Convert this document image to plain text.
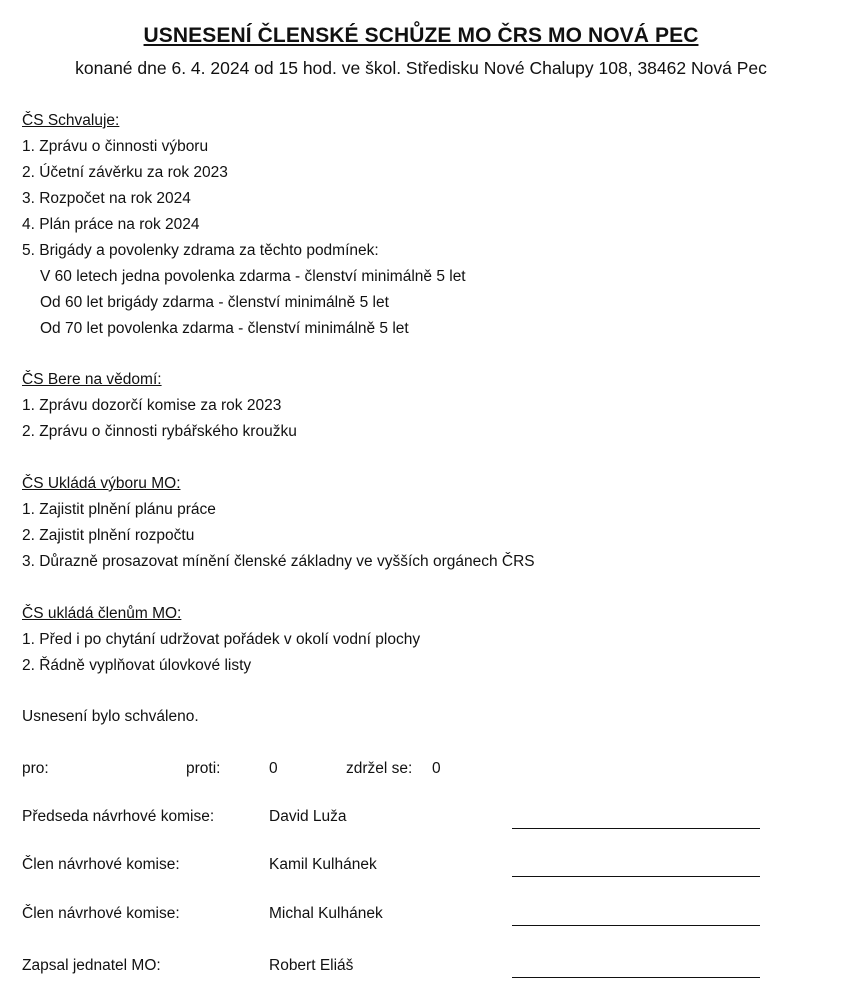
USNESENÍ ČLENSKÉ SCHŮZE MO ČRS MO NOVÁ PEC
konané dne 6. 4. 2024 od 15 hod. ve škol. Středisku Nové Chalupy 108, 38462 Nová Pec
ČS Schvaluje:
1. Zprávu o činnosti výboru
2. Účetní závěrku za rok 2023
3. Rozpočet na rok 2024
4. Plán práce na rok 2024
5. Brigády a povolenky zdrama za těchto podmínek:
V 60 letech jedna povolenka zdarma - členství minimálně 5 let
Od 60 let brigády zdarma - členství minimálně 5 let
Od 70 let povolenka zdarma - členství minimálně 5 let
ČS Bere na vědomí:
1. Zprávu dozorčí komise za rok 2023
2. Zprávu o činnosti rybářského kroužku
ČS Ukládá výboru MO:
1. Zajistit plnění plánu práce
2. Zajistit plnění rozpočtu
3. Důrazně prosazovat mínění členské základny ve vyšších orgánech ČRS
ČS ukládá členům MO:
1. Před i po chytání udržovat pořádek v okolí vodní plochy
2. Řádně vyplňovat úlovkové listy
Usnesení bylo schváleno.
pro:	proti:	0	zdržel se: 0
Předseda návrhové komise:	David Luža
Člen návrhové komise:	Kamil Kulhánek
Člen návrhové komise:	Michal Kulhánek
Zapsal jednatel MO:	Robert Eliáš
